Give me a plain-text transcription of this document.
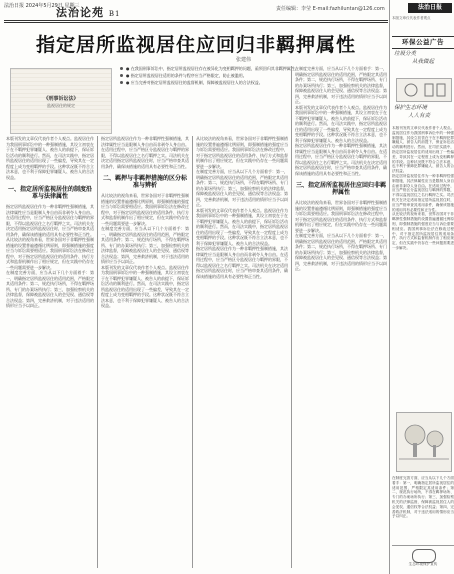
法治日报 2024年5月29日 星期三
法治论苑 B1
责任编辑：李莹 E-mail:fazhiluntan@126.com
指定居所监视居住应回归非羁押属性
张建伟
《刑事诉讼法》
监视居住的规定
● 在我国刑事诉讼中，指定居所监视居住存在被异化为变相羁押的问题，亟须回归其非羁押属性。
● 指定居所监视居住适用的条件与程序应当严格限定，防止被滥用。
● 应当完善对指定居所监视居住的监督机制，保障被监视居住人的合法权益。
本版刊发的文章仅代表作者个人观点。监视居住作为我国刑事诉讼中的一种强制措施，其设立初衷在于在不羁押犯罪嫌疑人、被告人的前提下，保证诉讼活动的顺利进行。然而，在司法实践中，指定居所监视居住的适用出现了一些偏差，导致其在一定程度上成为变相羁押的手段。这种状况既不符合立法本意，也不利于保障犯罪嫌疑人、被告人的合法权益。
一、指定居所监视居住的制度沿革与法律属性
指定居所监视居住作为一种非羁押性强制措施，其法律属性应当是限制人身自由而非剥夺人身自由。在适用过程中，应当严格区分监视居住与羁押的界限，不得以监视居住之名行羁押之实。司法机关在决定适用指定居所监视居住时，应当严格审查其适用条件，确保该措施的适用具有必要性和正当性。
从比较法的视角来看，世界各国对于非羁押性强制措施的设置普遍遵循比例原则，即强制措施的强度应当与诉讼需要相适应。我国刑事诉讼法在修改过程中，对于指定居所监视居住的适用条件、执行方式和监督机制作出了相应规定，但在实践中仍存在一些问题需要进一步解决。
在制度完善方面，应当从以下几个方面着手：第一，明确指定居所监视居住的适用范围，严格限定其适用条件；第二，规范执行场所，不得在羁押场所、专门的办案场所执行；第三，加强检察机关的法律监督，保障被监视居住人的会见权、通信权等合法权益；第四，完善救济机制，对于违法适用的情形应当予以纠正。
指定居所监视居住作为一种非羁押性强制措施，其法律属性应当是限制人身自由而非剥夺人身自由。在适用过程中，应当严格区分监视居住与羁押的界限，不得以监视居住之名行羁押之实。司法机关在决定适用指定居所监视居住时，应当严格审查其适用条件，确保该措施的适用具有必要性和正当性。
二、羁押与非羁押措施的区分标准与辨析
从比较法的视角来看，世界各国对于非羁押性强制措施的设置普遍遵循比例原则，即强制措施的强度应当与诉讼需要相适应。我国刑事诉讼法在修改过程中，对于指定居所监视居住的适用条件、执行方式和监督机制作出了相应规定，但在实践中仍存在一些问题需要进一步解决。
在制度完善方面，应当从以下几个方面着手：第一，明确指定居所监视居住的适用范围，严格限定其适用条件；第二，规范执行场所，不得在羁押场所、专门的办案场所执行；第三，加强检察机关的法律监督，保障被监视居住人的会见权、通信权等合法权益；第四，完善救济机制，对于违法适用的情形应当予以纠正。
本版刊发的文章仅代表作者个人观点。监视居住作为我国刑事诉讼中的一种强制措施，其设立初衷在于在不羁押犯罪嫌疑人、被告人的前提下，保证诉讼活动的顺利进行。然而，在司法实践中，指定居所监视居住的适用出现了一些偏差，导致其在一定程度上成为变相羁押的手段。这种状况既不符合立法本意，也不利于保障犯罪嫌疑人、被告人的合法权益。
从比较法的视角来看，世界各国对于非羁押性强制措施的设置普遍遵循比例原则，即强制措施的强度应当与诉讼需要相适应。我国刑事诉讼法在修改过程中，对于指定居所监视居住的适用条件、执行方式和监督机制作出了相应规定，但在实践中仍存在一些问题需要进一步解决。
在制度完善方面，应当从以下几个方面着手：第一，明确指定居所监视居住的适用范围，严格限定其适用条件；第二，规范执行场所，不得在羁押场所、专门的办案场所执行；第三，加强检察机关的法律监督，保障被监视居住人的会见权、通信权等合法权益；第四，完善救济机制，对于违法适用的情形应当予以纠正。
本版刊发的文章仅代表作者个人观点。监视居住作为我国刑事诉讼中的一种强制措施，其设立初衷在于在不羁押犯罪嫌疑人、被告人的前提下，保证诉讼活动的顺利进行。然而，在司法实践中，指定居所监视居住的适用出现了一些偏差，导致其在一定程度上成为变相羁押的手段。这种状况既不符合立法本意，也不利于保障犯罪嫌疑人、被告人的合法权益。
指定居所监视居住作为一种非羁押性强制措施，其法律属性应当是限制人身自由而非剥夺人身自由。在适用过程中，应当严格区分监视居住与羁押的界限，不得以监视居住之名行羁押之实。司法机关在决定适用指定居所监视居住时，应当严格审查其适用条件，确保该措施的适用具有必要性和正当性。
在制度完善方面，应当从以下几个方面着手：第一，明确指定居所监视居住的适用范围，严格限定其适用条件；第二，规范执行场所，不得在羁押场所、专门的办案场所执行；第三，加强检察机关的法律监督，保障被监视居住人的会见权、通信权等合法权益；第四，完善救济机制，对于违法适用的情形应当予以纠正。
本版刊发的文章仅代表作者个人观点。监视居住作为我国刑事诉讼中的一种强制措施，其设立初衷在于在不羁押犯罪嫌疑人、被告人的前提下，保证诉讼活动的顺利进行。然而，在司法实践中，指定居所监视居住的适用出现了一些偏差，导致其在一定程度上成为变相羁押的手段。这种状况既不符合立法本意，也不利于保障犯罪嫌疑人、被告人的合法权益。
指定居所监视居住作为一种非羁押性强制措施，其法律属性应当是限制人身自由而非剥夺人身自由。在适用过程中，应当严格区分监视居住与羁押的界限，不得以监视居住之名行羁押之实。司法机关在决定适用指定居所监视居住时，应当严格审查其适用条件，确保该措施的适用具有必要性和正当性。
三、指定居所监视居住应回归非羁押属性
从比较法的视角来看，世界各国对于非羁押性强制措施的设置普遍遵循比例原则，即强制措施的强度应当与诉讼需要相适应。我国刑事诉讼法在修改过程中，对于指定居所监视居住的适用条件、执行方式和监督机制作出了相应规定，但在实践中仍存在一些问题需要进一步解决。
在制度完善方面，应当从以下几个方面着手：第一，明确指定居所监视居住的适用范围，严格限定其适用条件；第二，规范执行场所，不得在羁押场所、专门的办案场所执行；第三，加强检察机关的法律监督，保障被监视居住人的会见权、通信权等合法权益；第四，完善救济机制，对于违法适用的情形应当予以纠正。
法治日报
本版文章仅代表作者观点
环保公益广告
垃圾分类
从我做起
保护生态环境
人人有责
本版刊发的文章仅代表作者个人观点。监视居住作为我国刑事诉讼中的一种强制措施，其设立初衷在于在不羁押犯罪嫌疑人、被告人的前提下，保证诉讼活动的顺利进行。然而，在司法实践中，指定居所监视居住的适用出现了一些偏差，导致其在一定程度上成为变相羁押的手段。这种状况既不符合立法本意，也不利于保障犯罪嫌疑人、被告人的合法权益。
指定居所监视居住作为一种非羁押性强制措施，其法律属性应当是限制人身自由而非剥夺人身自由。在适用过程中，应当严格区分监视居住与羁押的界限，不得以监视居住之名行羁押之实。司法机关在决定适用指定居所监视居住时，应当严格审查其适用条件，确保该措施的适用具有必要性和正当性。
从比较法的视角来看，世界各国对于非羁押性强制措施的设置普遍遵循比例原则，即强制措施的强度应当与诉讼需要相适应。我国刑事诉讼法在修改过程中，对于指定居所监视居住的适用条件、执行方式和监督机制作出了相应规定，但在实践中仍存在一些问题需要进一步解决。
在制度完善方面，应当从以下几个方面着手：第一，明确指定居所监视居住的适用范围，严格限定其适用条件；第二，规范执行场所，不得在羁押场所、专门的办案场所执行；第三，加强检察机关的法律监督，保障被监视居住人的会见权、通信权等合法权益；第四，完善救济机制，对于违法适用的情形应当予以纠正。
生态环境保护宣传
